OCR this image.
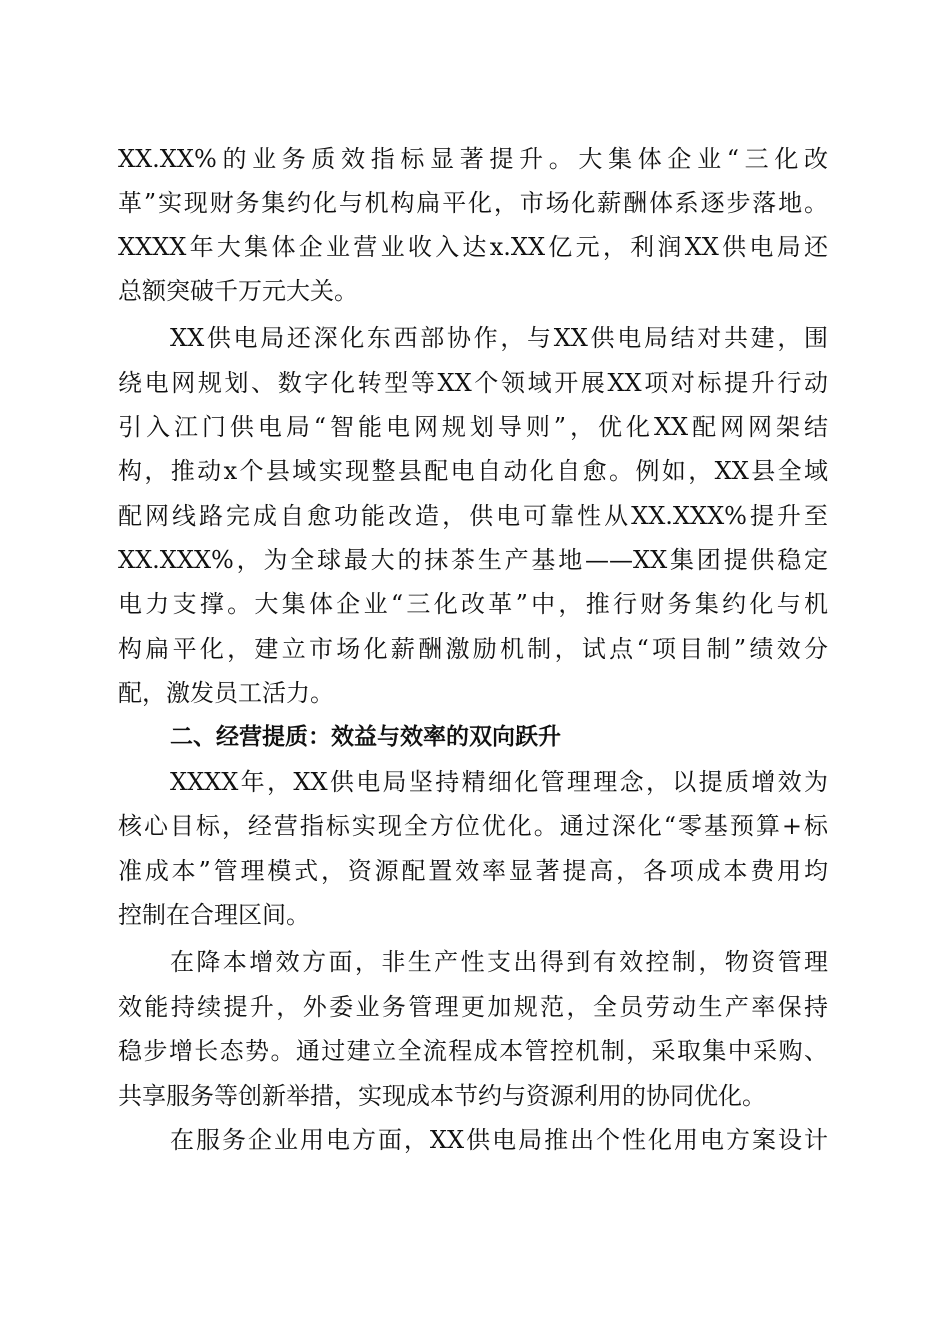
XX.XX%的业务质效指标显著提升。大集体企业“三化改

革”实现财务集约化与机构扁平化，市场化薪酬体系逐步落地。

XXXX年大集体企业营业收入达x.XX亿元，利润XX供电局还

总额突破千万元大关。

XX供电局还深化东西部协作，与XX供电局结对共建，围

绕电网规划、数字化转型等XX个领域开展XX项对标提升行动

引入江门供电局“智能电网规划导则”，优化XX配网网架结

构，推动x个县域实现整县配电自动化自愈。例如，XX县全域

配网线路完成自愈功能改造，供电可靠性从XX.XXX%提升至

XX.XXX%，为全球最大的抹茶生产基地——XX集团提供稳定

电力支撑。大集体企业“三化改革”中，推行财务集约化与机

构扁平化，建立市场化薪酬激励机制，试点“项目制”绩效分

配，激发员工活力。

二、经营提质：效益与效率的双向跃升

XXXX年，XX供电局坚持精细化管理理念，以提质增效为

核心目标，经营指标实现全方位优化。通过深化“零基预算+标

准成本”管理模式，资源配置效率显著提高，各项成本费用均

控制在合理区间。

在降本增效方面，非生产性支出得到有效控制，物资管理

效能持续提升，外委业务管理更加规范，全员劳动生产率保持

稳步增长态势。通过建立全流程成本管控机制，采取集中采购、

共享服务等创新举措，实现成本节约与资源利用的协同优化。

在服务企业用电方面，XX供电局推出个性化用电方案设计
